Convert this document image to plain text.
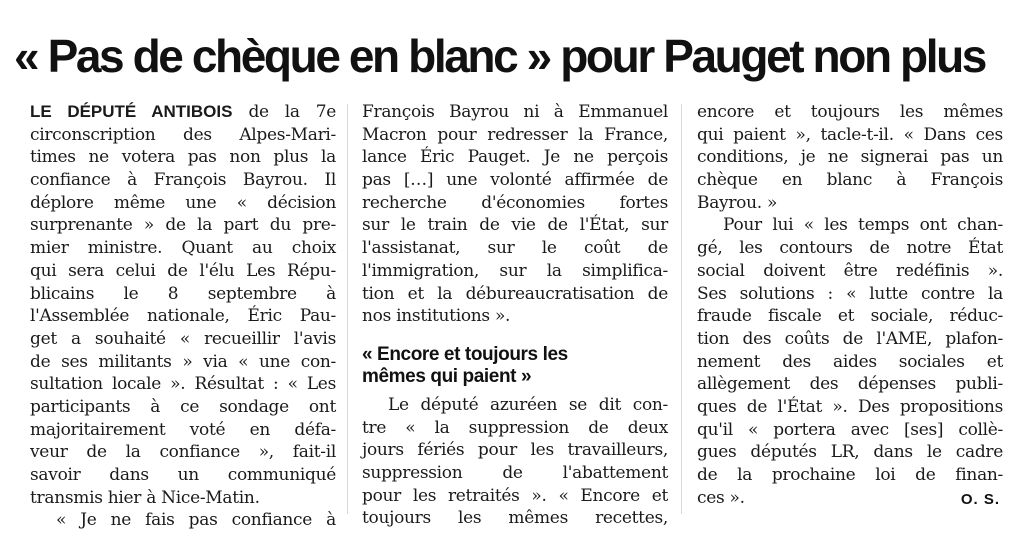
« Pas de chèque en blanc » pour Pauget non plus
LE DÉPUTÉ ANTIBOIS de la 7e
circonscription des Alpes-Mari-
times ne votera pas non plus la
confiance à François Bayrou. Il
déplore même une « décision
surprenante » de la part du pre-
mier ministre. Quant au choix
qui sera celui de l'élu Les Répu-
blicains le 8 septembre à
l'Assemblée nationale, Éric Pau-
get a souhaité « recueillir l'avis
de ses militants » via « une con-
sultation locale ». Résultat : « Les
participants à ce sondage ont
majoritairement voté en défa-
veur de la confiance », fait-il
savoir dans un communiqué
transmis hier à Nice-Matin.
« Je ne fais pas confiance à
François Bayrou ni à Emmanuel
Macron pour redresser la France,
lance Éric Pauget. Je ne perçois
pas […] une volonté affirmée de
recherche d'économies fortes
sur le train de vie de l'État, sur
l'assistanat, sur le coût de
l'immigration, sur la simplifica-
tion et la débureaucratisation de
nos institutions ».
« Encore et toujours les
mêmes qui paient »
Le député azuréen se dit con-
tre « la suppression de deux
jours fériés pour les travailleurs,
suppression de l'abattement
pour les retraités ». « Encore et
toujours les mêmes recettes,
encore et toujours les mêmes
qui paient », tacle-t-il. « Dans ces
conditions, je ne signerai pas un
chèque en blanc à François
Bayrou. »
Pour lui « les temps ont chan-
gé, les contours de notre État
social doivent être redéfinis ».
Ses solutions : « lutte contre la
fraude fiscale et sociale, réduc-
tion des coûts de l'AME, plafon-
nement des aides sociales et
allègement des dépenses publi-
ques de l'État ». Des propositions
qu'il « portera avec [ses] collè-
gues députés LR, dans le cadre
de la prochaine loi de finan-
ces ».	O. S.
